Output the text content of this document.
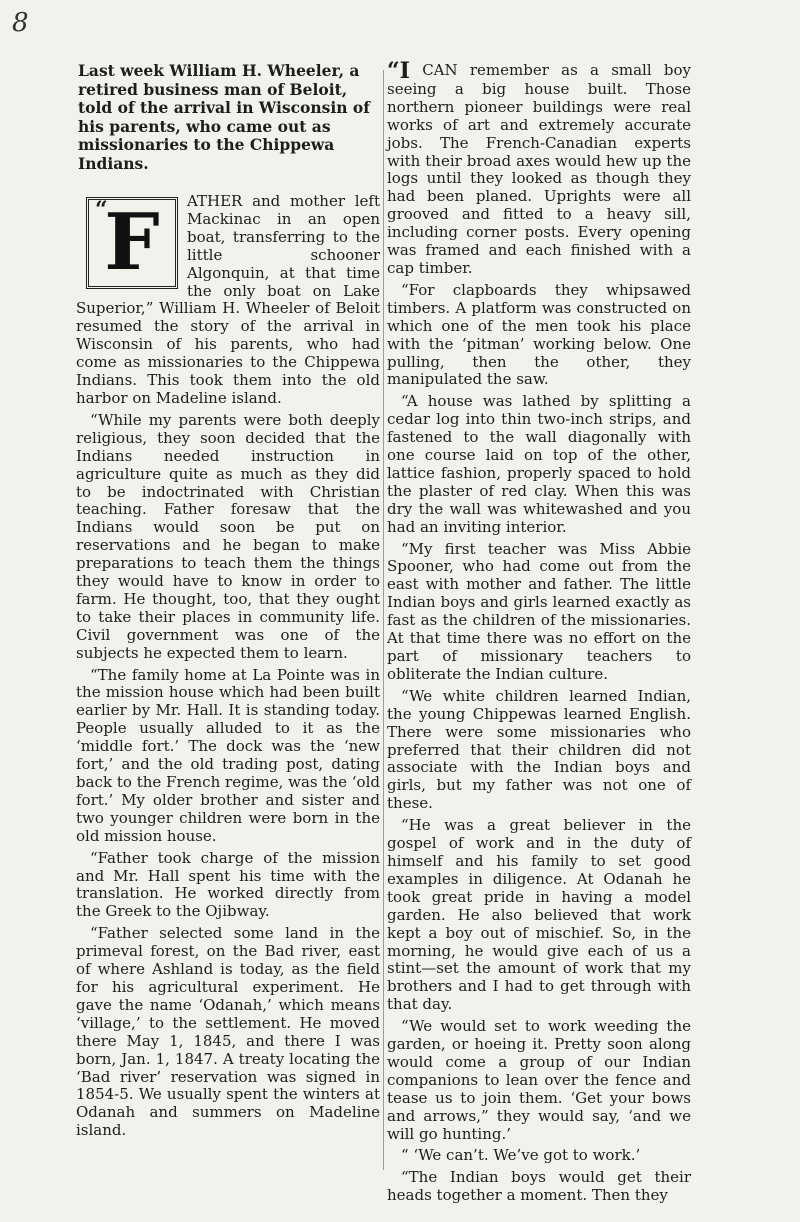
8
Last week William H. Wheeler, a retired business man of Beloit, told of the arrival in Wisconsin of his parents, who came out as missionaries to the Chippewa Indians.

“
F ATHER and mother left Mackinac in an open boat, transferring to the little schooner Algonquin, at that time the only boat on Lake Superior,” William H. Wheeler of Beloit resumed the story of the arrival in Wisconsin of his parents, who had come as missionaries to the Chippewa Indians. This took them into the old harbor on Madeline island.

“While my parents were both deeply religious, they soon decided that the Indians needed instruction in agriculture quite as much as they did to be indoctrinated with Christian teaching. Father foresaw that the Indians would soon be put on reservations and he began to make preparations to teach them the things they would have to know in order to farm. He thought, too, that they ought to take their places in community life. Civil government was one of the subjects he expected them to learn.

“The family home at La Pointe was in the mission house which had been built earlier by Mr. Hall. It is standing today. People usually alluded to it as the ‘middle fort.’ The dock was the ‘new fort,’ and the old trading post, dating back to the French regime, was the ‘old fort.’ My older brother and sister and two younger children were born in the old mission house.

“Father took charge of the mission and Mr. Hall spent his time with the translation. He worked directly from the Greek to the Ojibway.

“Father selected some land in the primeval forest, on the Bad river, east of where Ashland is today, as the field for his agricultural experiment. He gave the name ‘Odanah,’ which means ‘village,’ to the settlement. He moved there May 1, 1845, and there I was born, Jan. 1, 1847. A treaty locating the ‘Bad river’ reservation was signed in 1854-5. We usually spent the winters at Odanah and summers on Madeline island.

“I CAN remember as a small boy seeing a big house built. Those northern pioneer buildings were real works of art and extremely accurate jobs. The French-Canadian experts with their broad axes would hew up the logs until they looked as though they had been planed. Uprights were all grooved and fitted to a heavy sill, including corner posts. Every opening was framed and each finished with a cap timber.

“For clapboards they whipsawed timbers. A platform was constructed on which one of the men took his place with the ‘pitman’ working below. One pulling, then the other, they manipulated the saw.

“A house was lathed by splitting a cedar log into thin two-inch strips, and fastened to the wall diagonally with one course laid on top of the other, lattice fashion, properly spaced to hold the plaster of red clay. When this was dry the wall was whitewashed and you had an inviting interior.

“My first teacher was Miss Abbie Spooner, who had come out from the east with mother and father. The little Indian boys and girls learned exactly as fast as the children of the missionaries. At that time there was no effort on the part of missionary teachers to obliterate the Indian culture.

“We white children learned Indian, the young Chippewas learned English. There were some missionaries who preferred that their children did not associate with the Indian boys and girls, but my father was not one of these.

“He was a great believer in the gospel of work and in the duty of himself and his family to set good examples in diligence. At Odanah he took great pride in having a model garden. He also believed that work kept a boy out of mischief. So, in the morning, he would give each of us a stint—set the amount of work that my brothers and I had to get through with that day.

“We would set to work weeding the garden, or hoeing it. Pretty soon along would come a group of our Indian companions to lean over the fence and tease us to join them. ‘Get your bows and arrows,” they would say, ‘and we will go hunting.’

“ ‘We can’t. We’ve got to work.’

“The Indian boys would get their heads together a moment. Then they
